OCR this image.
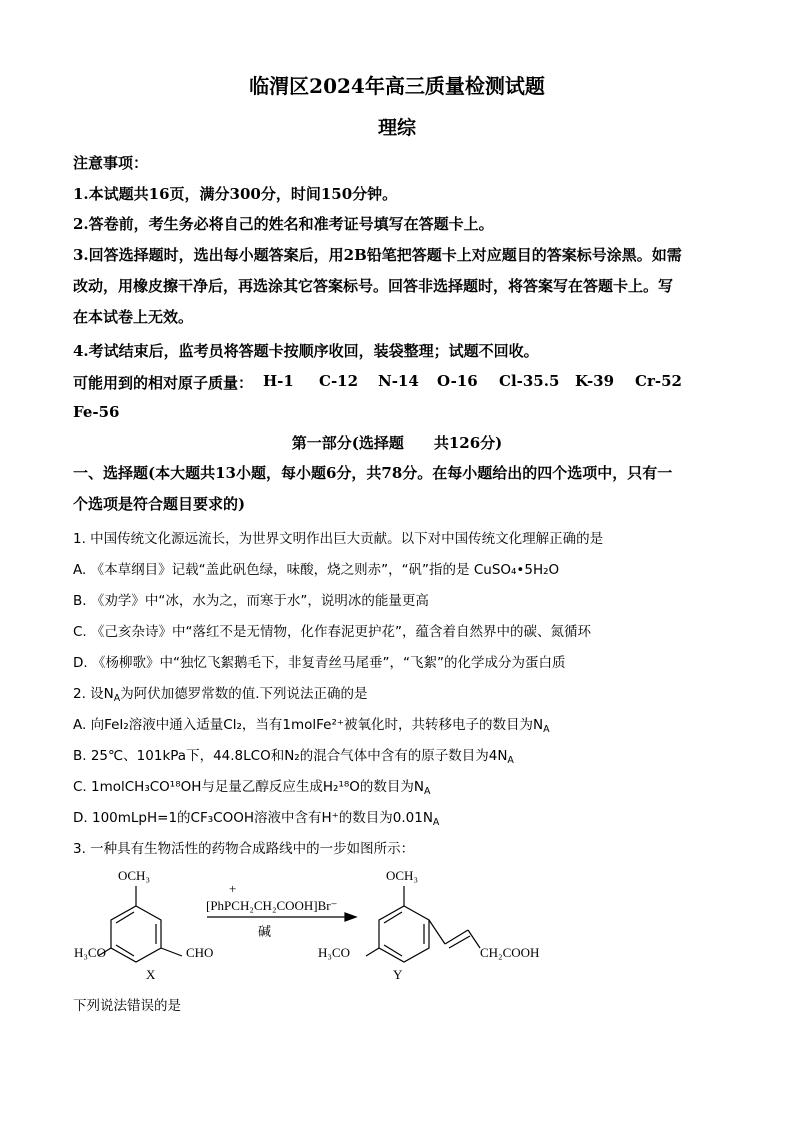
临渭区2024年高三质量检测试题
理综
注意事项：
1.本试题共16页，满分300分，时间150分钟。
2.答卷前，考生务必将自己的姓名和准考证号填写在答题卡上。
3.回答选择题时，选出每小题答案后，用2B铅笔把答题卡上对应题目的答案标号涂黑。如需
改动，用橡皮擦干净后，再选涂其它答案标号。回答非选择题时，将答案写在答题卡上。写
在本试卷上无效。
4.考试结束后，监考员将答题卡按顺序收回，装袋整理；试题不回收。
可能用到的相对原子质量： H-1 C-12 N-14 O-16 Cl-35.5 K-39 Cr-52
Fe-56
第一部分(选择题　　共126分)
一、选择题(本大题共13小题，每小题6分，共78分。在每小题给出的四个选项中，只有一
个选项是符合题目要求的)
1. 中国传统文化源远流长，为世界文明作出巨大贡献。以下对中国传统文化理解正确的是
A. 《本草纲目》记载“盖此矾色绿，味酸，烧之则赤”，“矾”指的是 CuSO₄•5H₂O
B. 《劝学》中“冰，水为之，而寒于水”，说明冰的能量更高
C. 《己亥杂诗》中“落红不是无情物，化作春泥更护花”，蕴含着自然界中的碳、氮循环
D. 《杨柳歌》中“独忆飞絮鹅毛下，非复青丝马尾垂”，“飞絮”的化学成分为蛋白质
2. 设$N_A$为阿伏加德罗常数的值.下列说法正确的是
A. 向FeI₂溶液中通入适量Cl₂，当有1molFe²⁺被氧化时，共转移电子的数目为$N_A$
B. 25℃、101kPa下，44.8LCO和N₂的混合气体中含有的原子数目为$4N_A$
C. 1molCH₃CO¹⁸OH与足量乙醇反应生成H₂¹⁸O的数目为$N_A$
D. 100mLpH=1的CF₃COOH溶液中含有H⁺的数目为$0.01N_A$
3. 一种具有生物活性的药物合成路线中的一步如图所示：
OCH₃
H₃CO	CHO
X
+
[PhPCH₂CH₂COOH]Br⁻
碱
OCH₃
H₃CO	CH₂COOH
Y
下列说法错误的是
